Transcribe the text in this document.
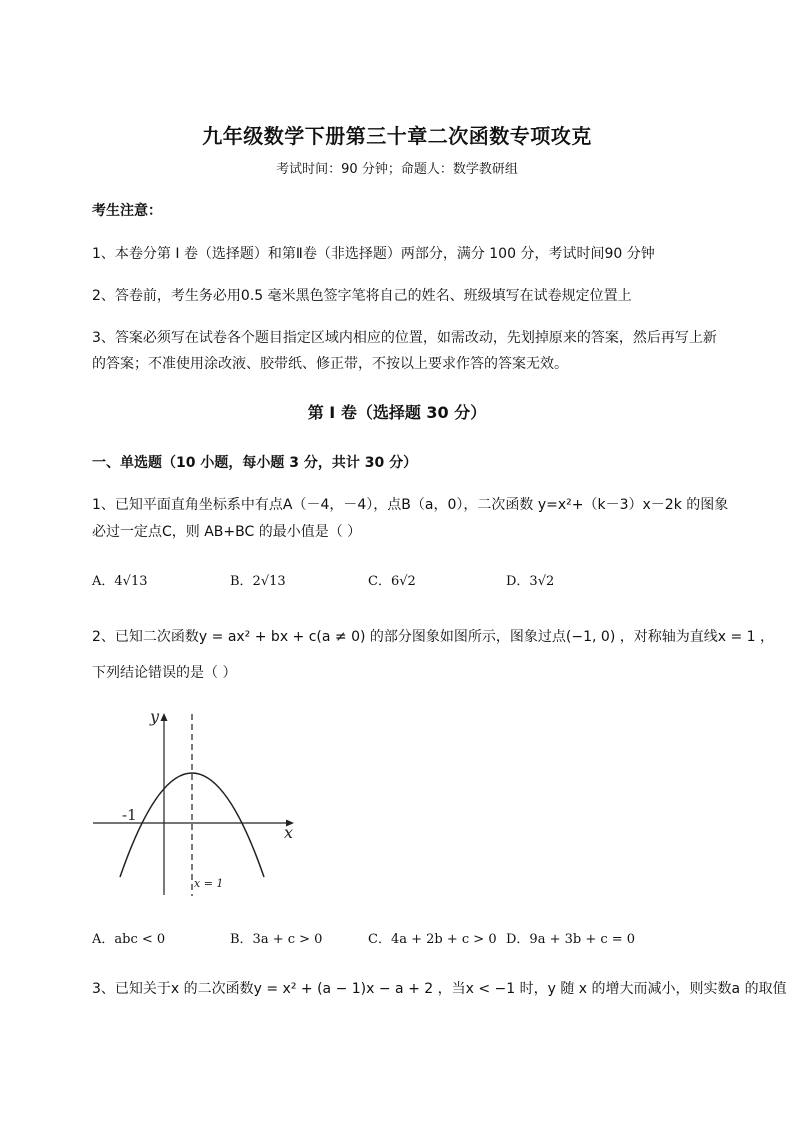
九年级数学下册第三十章二次函数专项攻克
考试时间：90 分钟；命题人：数学教研组
考生注意：
1、本卷分第 I 卷（选择题）和第Ⅱ卷（非选择题）两部分，满分 100 分，考试时间90 分钟
2、答卷前，考生务必用0.5 毫米黑色签字笔将自己的姓名、班级填写在试卷规定位置上
3、答案必须写在试卷各个题目指定区域内相应的位置，如需改动，先划掉原来的答案，然后再写上新
的答案；不准使用涂改液、胶带纸、修正带，不按以上要求作答的答案无效。
第 I 卷（选择题 30 分）
一、单选题（10 小题，每小题 3 分，共计 30 分）
1、已知平面直角坐标系中有点A（－4，－4），点B（a，0），二次函数 y=x²+（k－3）x－2k 的图象
必过一定点C，则 AB+BC 的最小值是（ ）
A．4√13	B．2√13	C．6√2	D．3√2
2、已知二次函数y = ax² + bx + c(a ≠ 0) 的部分图象如图所示，图象过点(−1, 0) ，对称轴为直线x = 1 ，
下列结论错误的是（ ）
y
x
-1
x = 1
A．abc < 0	B．3a + c > 0	C．4a + 2b + c > 0 D．9a + 3b + c = 0
3、已知关于x 的二次函数y = x² + (a − 1)x − a + 2 ，当x < −1 时，y 随 x 的增大而减小，则实数a 的取值
